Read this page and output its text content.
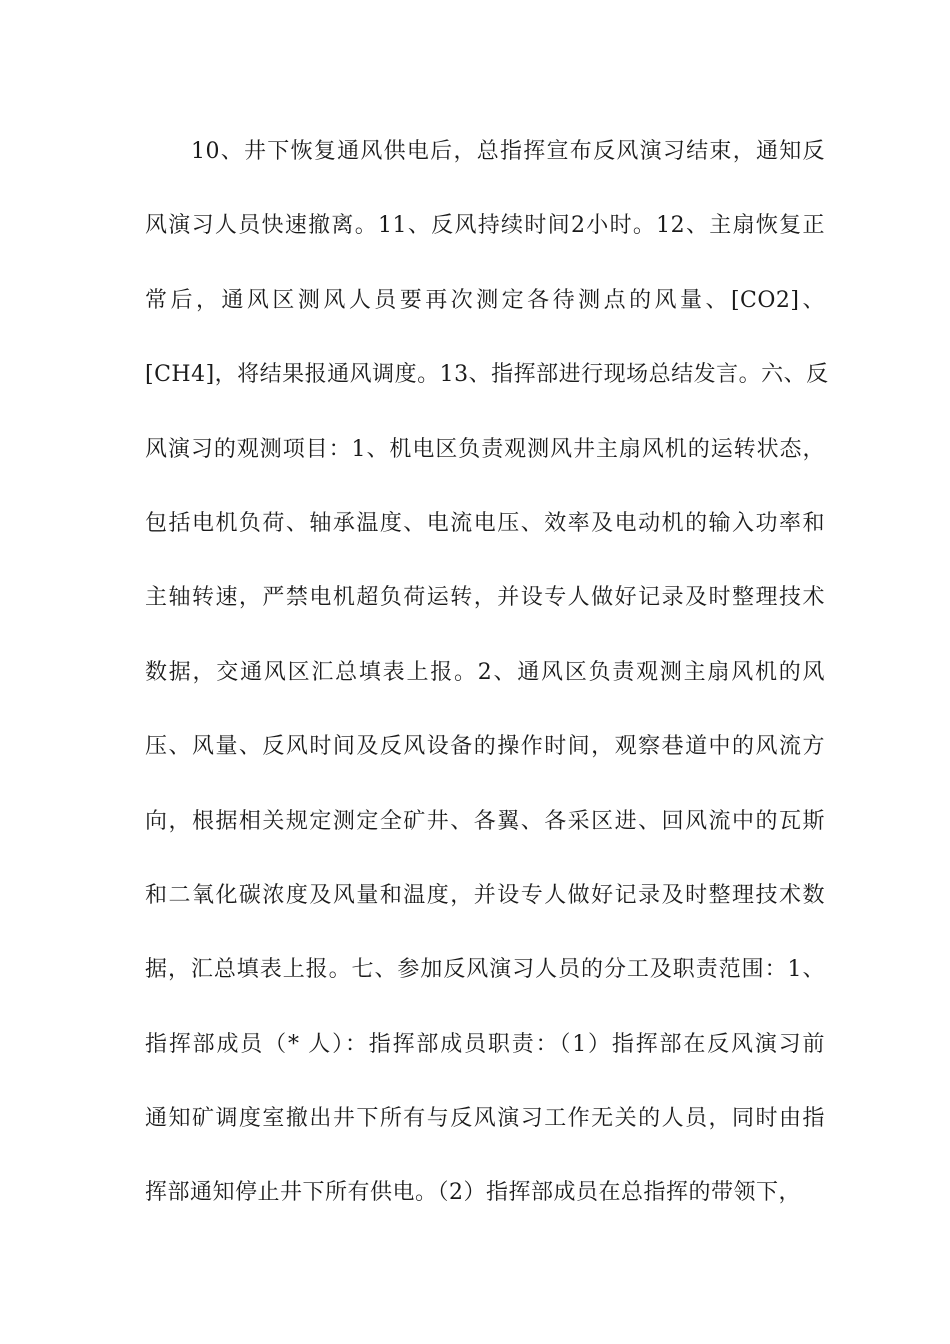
10、井下恢复通风供电后，总指挥宣布反风演习结束，通知反
风演习人员快速撤离。11、反风持续时间2小时。12、主扇恢复正
常后，通风区测风人员要再次测定各待测点的风量、[CO2]、
[CH4]，将结果报通风调度。13、指挥部进行现场总结发言。六、反
风演习的观测项目：1、机电区负责观测风井主扇风机的运转状态，
包括电机负荷、轴承温度、电流电压、效率及电动机的输入功率和
主轴转速，严禁电机超负荷运转，并设专人做好记录及时整理技术
数据，交通风区汇总填表上报。2、通风区负责观测主扇风机的风
压、风量、反风时间及反风设备的操作时间，观察巷道中的风流方
向，根据相关规定测定全矿井、各翼、各采区进、回风流中的瓦斯
和二氧化碳浓度及风量和温度，并设专人做好记录及时整理技术数
据，汇总填表上报。七、参加反风演习人员的分工及职责范围：1、
指挥部成员（* 人）：指挥部成员职责：（1）指挥部在反风演习前
通知矿调度室撤出井下所有与反风演习工作无关的人员，同时由指
挥部通知停止井下所有供电。（2）指挥部成员在总指挥的带领下，
